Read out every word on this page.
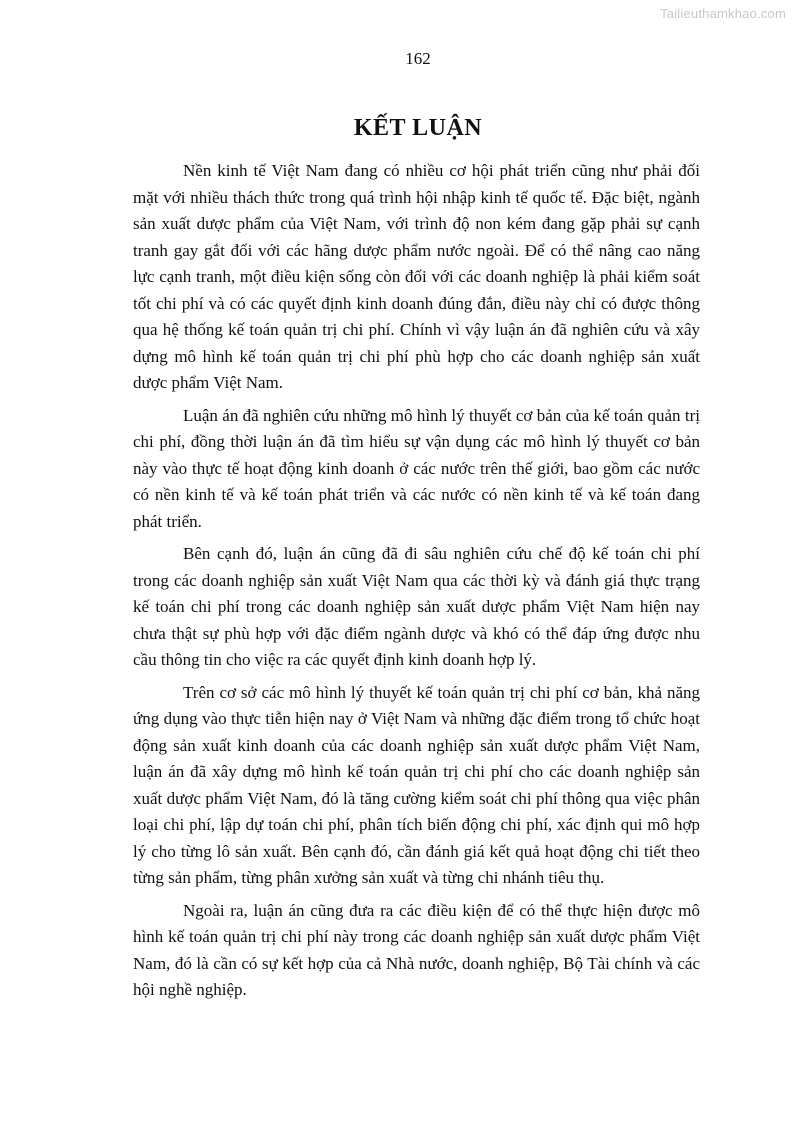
Tailieuthamkhao.com
162
KẾT LUẬN

Nền kinh tế Việt Nam đang có nhiều cơ hội phát triển cũng như phải đối mặt với nhiều thách thức trong quá trình hội nhập kinh tế quốc tế. Đặc biệt, ngành sản xuất dược phẩm của Việt Nam, với trình độ non kém đang gặp phải sự cạnh tranh gay gắt đối với các hãng dược phẩm nước ngoài. Để có thể nâng cao năng lực cạnh tranh, một điều kiện sống còn đối với các doanh nghiệp là phải kiểm soát tốt chi phí và có các quyết định kinh doanh đúng đắn, điều này chỉ có được thông qua hệ thống kế toán quản trị chi phí. Chính vì vậy luận án đã nghiên cứu và xây dựng mô hình kế toán quản trị chi phí phù hợp cho các doanh nghiệp sản xuất dược phẩm Việt Nam.

Luận án đã nghiên cứu những mô hình lý thuyết cơ bản của kế toán quản trị chi phí, đồng thời luận án đã tìm hiểu sự vận dụng các mô hình lý thuyết cơ bản này vào thực tế hoạt động kinh doanh ở các nước trên thế giới, bao gồm các nước có nền kinh tế và kế toán phát triển và các nước có nền kinh tế và kế toán đang phát triển.

Bên cạnh đó, luận án cũng đã đi sâu nghiên cứu chế độ kế toán chi phí trong các doanh nghiệp sản xuất Việt Nam qua các thời kỳ và đánh giá thực trạng kế toán chi phí trong các doanh nghiệp sản xuất dược phẩm Việt Nam hiện nay chưa thật sự phù hợp với đặc điểm ngành dược và khó có thể đáp ứng được nhu cầu thông tin cho việc ra các quyết định kinh doanh hợp lý.

Trên cơ sở các mô hình lý thuyết kế toán quản trị chi phí cơ bản, khả năng ứng dụng vào thực tiễn hiện nay ở Việt Nam và những đặc điểm trong tổ chức hoạt động sản xuất kinh doanh của các doanh nghiệp sản xuất dược phẩm Việt Nam, luận án đã xây dựng mô hình kế toán quản trị chi phí cho các doanh nghiệp sản xuất dược phẩm Việt Nam, đó là tăng cường kiểm soát chi phí thông qua việc phân loại chi phí, lập dự toán chi phí, phân tích biến động chi phí, xác định qui mô hợp lý cho từng lô sản xuất. Bên cạnh đó, cần đánh giá kết quả hoạt động chi tiết theo từng sản phẩm, từng phân xưởng sản xuất và từng chi nhánh tiêu thụ.

Ngoài ra, luận án cũng đưa ra các điều kiện để có thể thực hiện được mô hình kế toán quản trị chi phí này trong các doanh nghiệp sản xuất dược phẩm Việt Nam, đó là cần có sự kết hợp của cả Nhà nước, doanh nghiệp, Bộ Tài chính và các hội nghề nghiệp.
